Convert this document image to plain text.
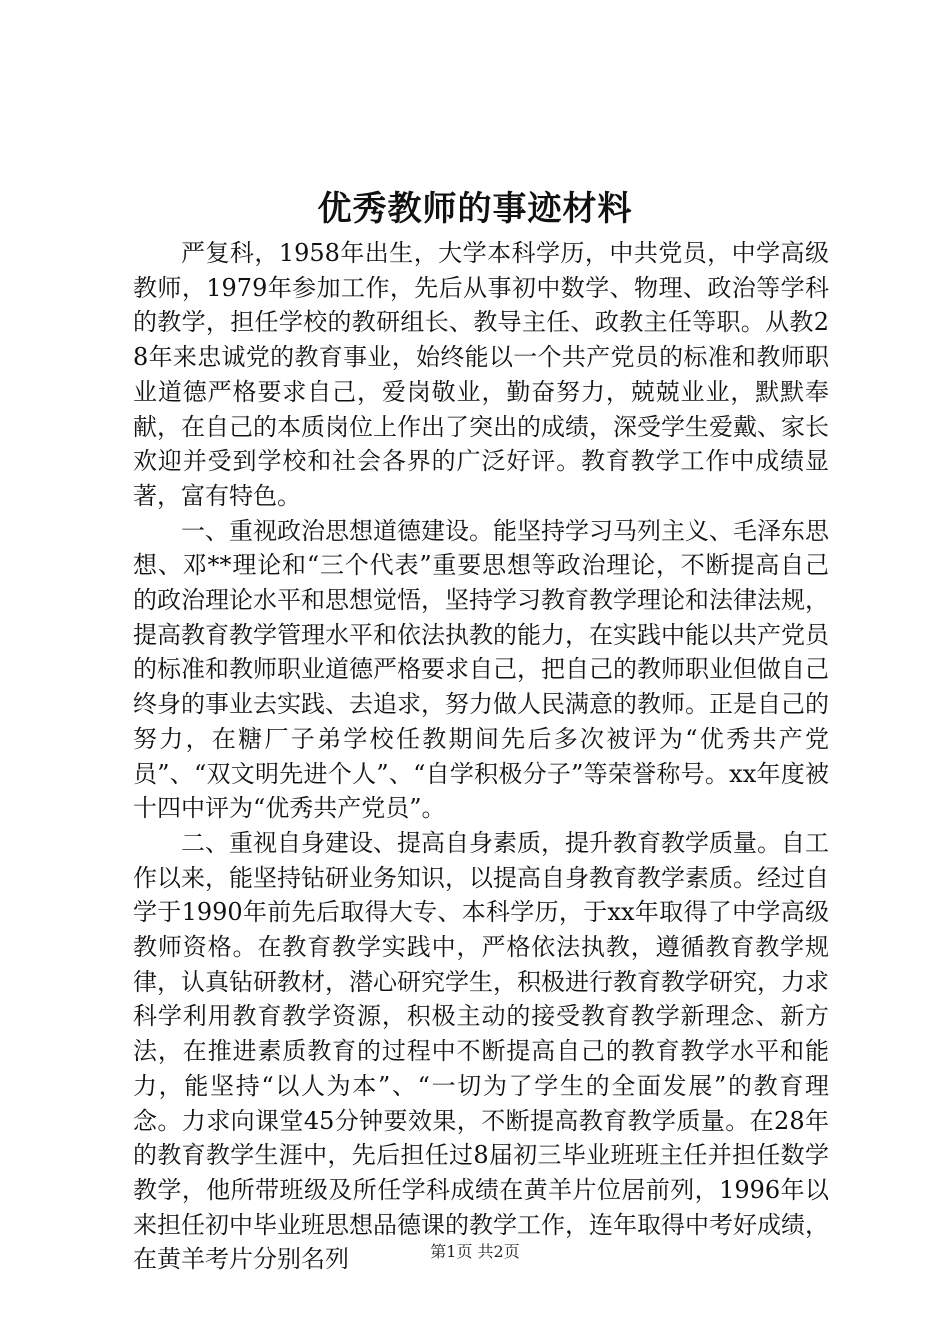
优秀教师的事迹材料

严复科，1958年出生，大学本科学历，中共党员，中学高级教师，1979年参加工作，先后从事初中数学、物理、政治等学科的教学，担任学校的教研组长、教导主任、政教主任等职。从教28年来忠诚党的教育事业，始终能以一个共产党员的标准和教师职业道德严格要求自己，爱岗敬业，勤奋努力，兢兢业业，默默奉献，在自己的本质岗位上作出了突出的成绩，深受学生爱戴、家长欢迎并受到学校和社会各界的广泛好评。教育教学工作中成绩显著，富有特色。

一、重视政治思想道德建设。能坚持学习马列主义、毛泽东思想、邓**理论和“三个代表”重要思想等政治理论，不断提高自己的政治理论水平和思想觉悟，坚持学习教育教学理论和法律法规，提高教育教学管理水平和依法执教的能力，在实践中能以共产党员的标准和教师职业道德严格要求自己，把自己的教师职业但做自己终身的事业去实践、去追求，努力做人民满意的教师。正是自己的努力，在糖厂子弟学校任教期间先后多次被评为“优秀共产党员”、“双文明先进个人”、“自学积极分子”等荣誉称号。xx年度被十四中评为“优秀共产党员”。

二、重视自身建设、提高自身素质，提升教育教学质量。自工作以来，能坚持钻研业务知识，以提高自身教育教学素质。经过自学于1990年前先后取得大专、本科学历，于xx年取得了中学高级教师资格。在教育教学实践中，严格依法执教，遵循教育教学规律，认真钻研教材，潜心研究学生，积极进行教育教学研究，力求科学利用教育教学资源，积极主动的接受教育教学新理念、新方法，在推进素质教育的过程中不断提高自己的教育教学水平和能力，能坚持“以人为本”、“一切为了学生的全面发展”的教育理念。力求向课堂45分钟要效果，不断提高教育教学质量。在28年的教育教学生涯中，先后担任过8届初三毕业班班主任并担任数学教学，他所带班级及所任学科成绩在黄羊片位居前列，1996年以来担任初中毕业班思想品德课的教学工作，连年取得中考好成绩，在黄羊考片分别名列	第1页 共2页
